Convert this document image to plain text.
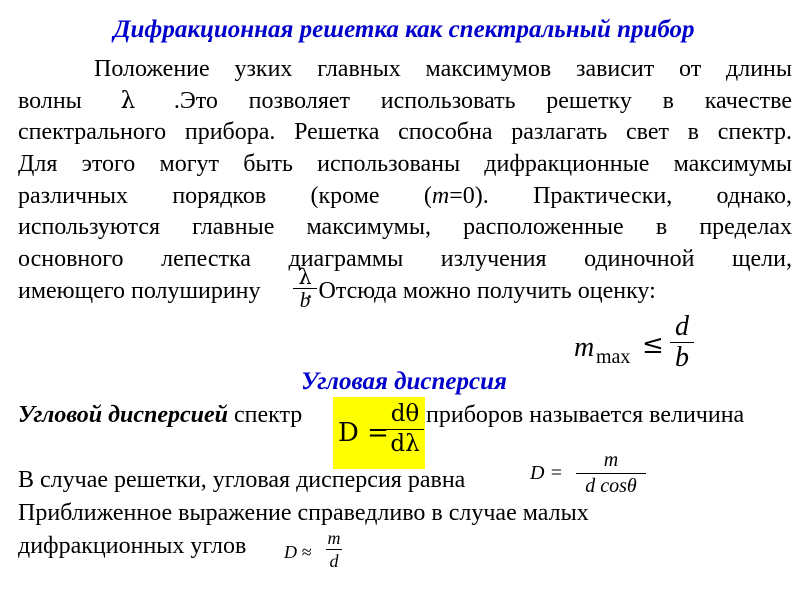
Дифракционная решетка как спектральный прибор
Положение узких главных максимумов зависит от длины
волны λ .Это позволяет использовать решетку в качестве
спектрального прибора. Решетка способна разлагать свет в спектр.
Для этого могут быть использованы дифракционные максимумы
различных порядков (кроме (m=0). Практически, однако,
используются главные максимумы, расположенные в пределах
основного лепестка диаграммы излучения одиночной щели,
имеющего полуширину . Отсюда можно получить оценку:
λ
b
m max ≤
d
b
Угловая дисперсия
Угловой дисперсией спектр	приборов называется величина
D =
dθ
dλ
В случае решетки, угловая дисперсия равна	D =
m
d cosθ
Приближенное выражение справедливо в случае малых
дифракционных углов D ≈
m
d
